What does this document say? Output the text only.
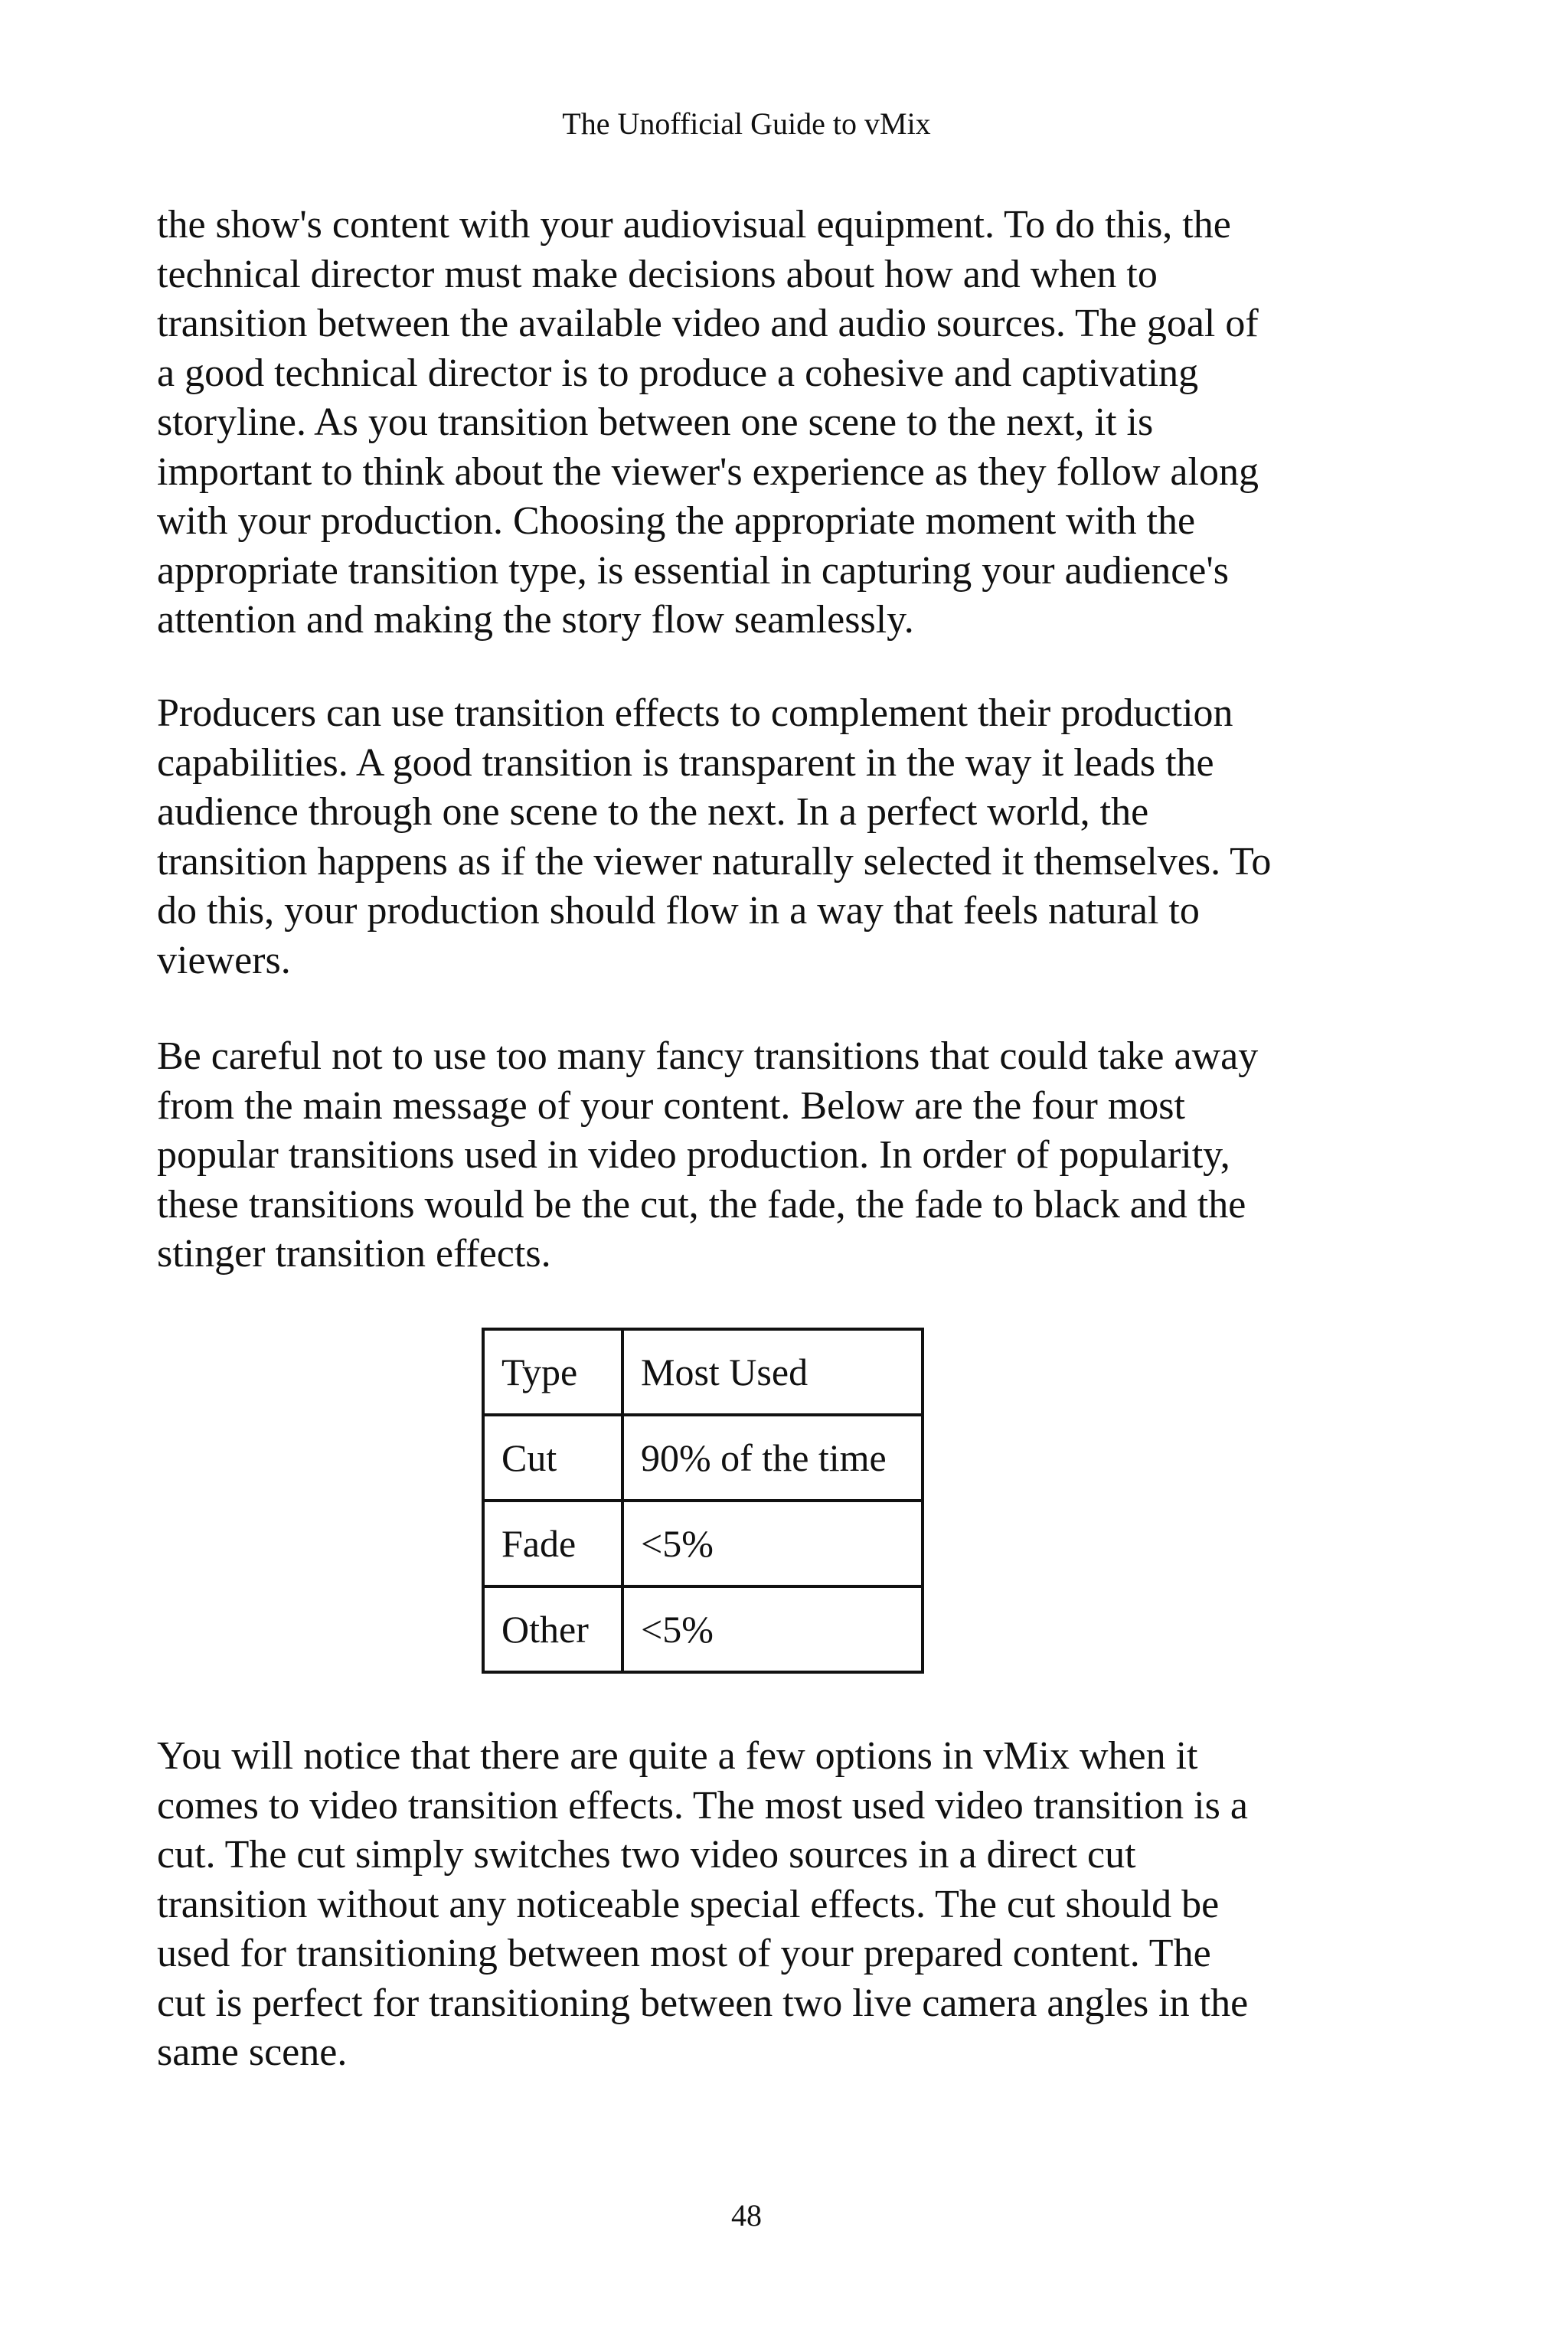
The Unofficial Guide to vMix

the show's content with your audiovisual equipment. To do this, the
technical director must make decisions about how and when to
transition between the available video and audio sources. The goal of
a good technical director is to produce a cohesive and captivating
storyline. As you transition between one scene to the next, it is
important to think about the viewer's experience as they follow along
with your production. Choosing the appropriate moment with the
appropriate transition type, is essential in capturing your audience's
attention and making the story flow seamlessly.

Producers can use transition effects to complement their production
capabilities. A good transition is transparent in the way it leads the
audience through one scene to the next. In a perfect world, the
transition happens as if the viewer naturally selected it themselves. To
do this, your production should flow in a way that feels natural to
viewers.

Be careful not to use too many fancy transitions that could take away
from the main message of your content. Below are the four most
popular transitions used in video production. In order of popularity,
these transitions would be the cut, the fade, the fade to black and the
stinger transition effects.

Type	Most Used
Cut	90% of the time
Fade	<5%
Other	<5%

You will notice that there are quite a few options in vMix when it
comes to video transition effects. The most used video transition is a
cut. The cut simply switches two video sources in a direct cut
transition without any noticeable special effects. The cut should be
used for transitioning between most of your prepared content. The
cut is perfect for transitioning between two live camera angles in the
same scene.

48
